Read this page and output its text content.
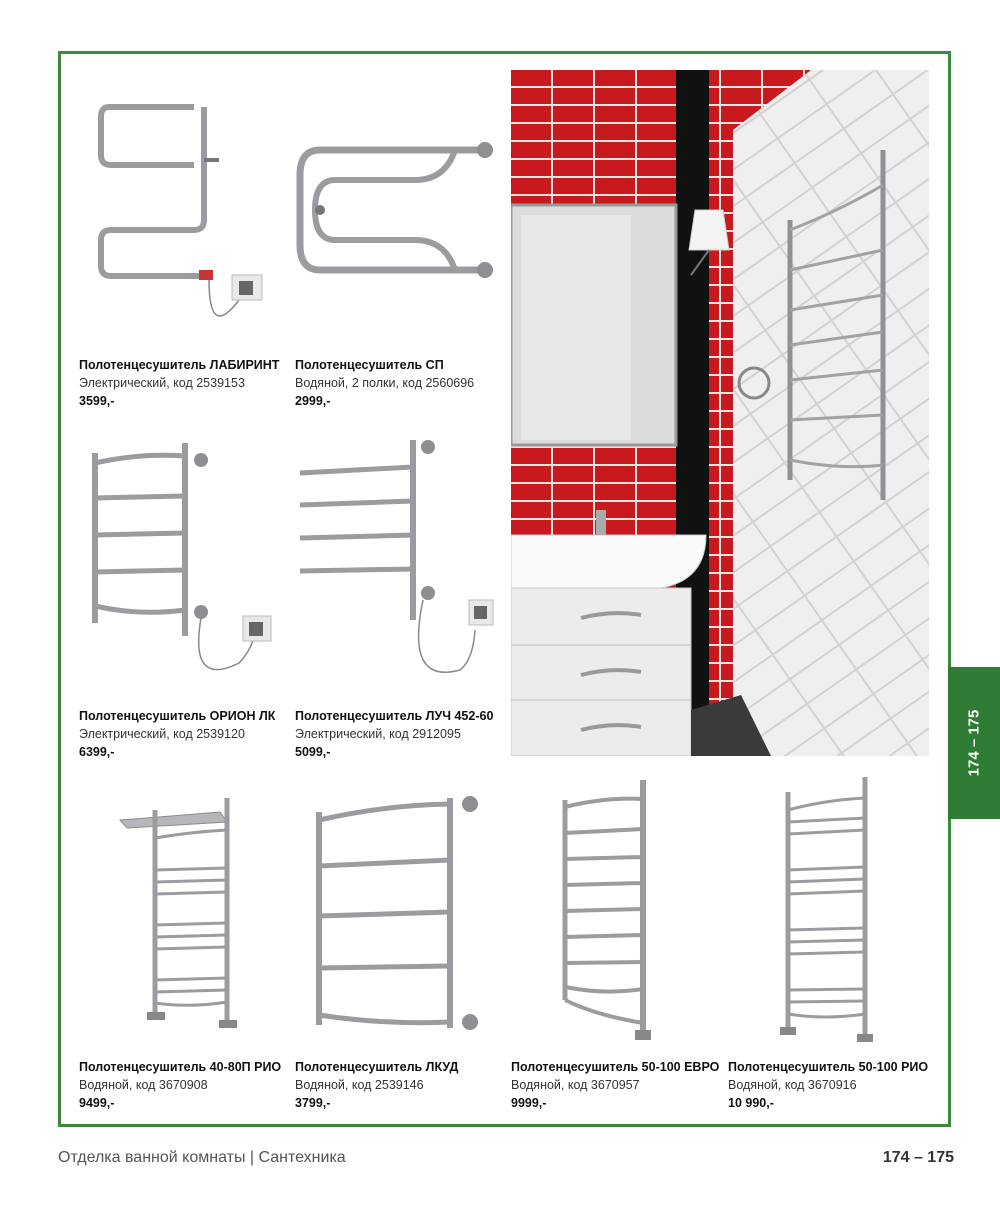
Полотенцесушитель ЛАБИРИНТ
Электрический, код 2539153
3599,-
Полотенцесушитель СП
Водяной, 2 полки, код 2560696
2999,-
Полотенцесушитель ОРИОН ЛК
Электрический, код 2539120
6399,-
Полотенцесушитель ЛУЧ 452-60
Электрический, код 2912095
5099,-
Полотенцесушитель 40-80П РИО
Водяной, код 3670908
9499,-
Полотенцесушитель ЛКУД
Водяной, код 2539146
3799,-
Полотенцесушитель 50-100 ЕВРО
Водяной, код 3670957
9999,-
Полотенцесушитель 50-100 РИО
Водяной, код 3670916
10 990,-
174 – 175
Отделка ванной комнаты | Сантехника	174 – 175
